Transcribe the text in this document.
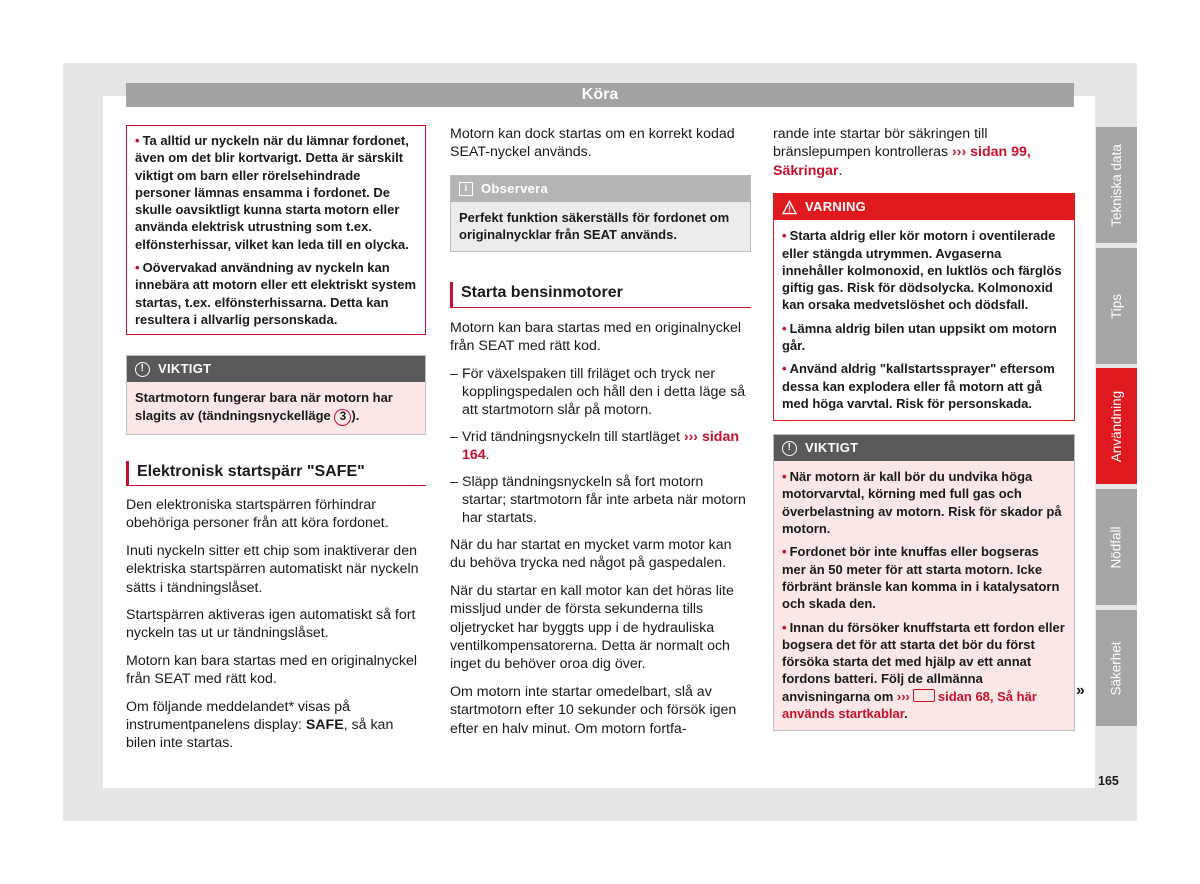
Köra

• Ta alltid ur nyckeln när du lämnar fordonet, även om det blir kortvarigt. Detta är särskilt viktigt om barn eller rörelsehindrade personer lämnas ensamma i fordonet. De skulle oavsiktligt kunna starta motorn eller använda elektrisk utrustning som t.ex. elfönsterhissar, vilket kan leda till en olycka.

• Oövervakad användning av nyckeln kan innebära att motorn eller ett elektriskt system startas, t.ex. elfönsterhissarna. Detta kan resultera i allvarlig personskada.

!	VIKTIGT

Startmotorn fungerar bara när motorn har slagits av (tändningsnyckelläge 3 ).

Elektronisk startspärr "SAFE"

Den elektroniska startspärren förhindrar obehöriga personer från att köra fordonet.

Inuti nyckeln sitter ett chip som inaktiverar den elektriska startspärren automatiskt när nyckeln sätts i tändningslåset.

Startspärren aktiveras igen automatiskt så fort nyckeln tas ut ur tändningslåset.

Motorn kan bara startas med en originalnyckel från SEAT med rätt kod.

Om följande meddelandet* visas på instrumentpanelens display: SAFE, så kan bilen inte startas.

Motorn kan dock startas om en korrekt kodad SEAT-nyckel används.

i	Observera

Perfekt funktion säkerställs för fordonet om originalnycklar från SEAT används.

Starta bensinmotorer

Motorn kan bara startas med en originalnyckel från SEAT med rätt kod.

– För växelspaken till friläget och tryck ner kopplingspedalen och håll den i detta läge så att startmotorn slår på motorn.
– Vrid tändningsnyckeln till startläget ››› sidan 164.
– Släpp tändningsnyckeln så fort motorn startar; startmotorn får inte arbeta när motorn har startats.

När du har startat en mycket varm motor kan du behöva trycka ned något på gaspedalen.

När du startar en kall motor kan det höras lite missljud under de första sekunderna tills oljetrycket har byggts upp i de hydrauliska ventilkompensatorerna. Detta är normalt och inget du behöver oroa dig över.

Om motorn inte startar omedelbart, slå av startmotorn efter 10 sekunder och försök igen efter en halv minut. Om motorn fortfa-

rande inte startar bör säkringen till bränslepumpen kontrolleras ››› sidan 99, Säkringar.

VARNING

• Starta aldrig eller kör motorn i oventilerade eller stängda utrymmen. Avgaserna innehåller kolmonoxid, en luktlös och färglös giftig gas. Risk för dödsolycka. Kolmonoxid kan orsaka medvetslöshet och dödsfall.

• Lämna aldrig bilen utan uppsikt om motorn går.

• Använd aldrig "kallstartssprayer" eftersom dessa kan explodera eller få motorn att gå med höga varvtal. Risk för personskada.

!	VIKTIGT

• När motorn är kall bör du undvika höga motorvarvtal, körning med full gas och överbelastning av motorn. Risk för skador på motorn.

• Fordonet bör inte knuffas eller bogseras mer än 50 meter för att starta motorn. Icke förbränt bränsle kan komma in i katalysatorn och skada den.

• Innan du försöker knuffstarta ett fordon eller bogsera det för att starta det bör du först försöka starta det med hjälp av ett annat fordons batteri. Följ de allmänna anvisningarna om ››› sidan 68, Så här används startkablar.

Tekniska data
Tips
Användning
Nödfall
Säkerhet
»
165
